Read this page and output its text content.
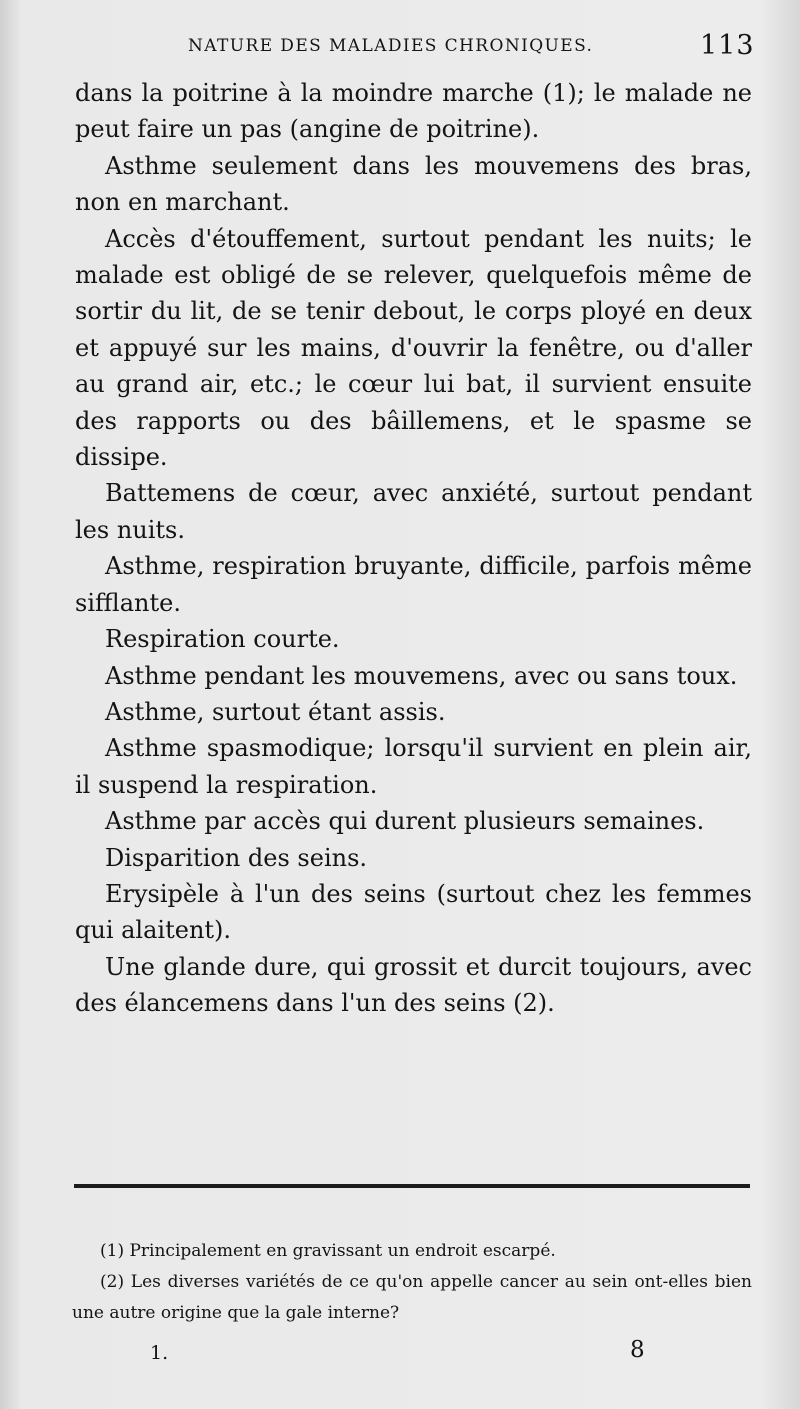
NATURE DES MALADIES CHRONIQUES.	113

dans la poitrine à la moindre marche (1); le malade ne peut faire un pas (angine de poitrine).

Asthme seulement dans les mouvemens des bras, non en marchant.

Accès d'étouffement, surtout pendant les nuits; le malade est obligé de se relever, quelquefois même de sortir du lit, de se tenir debout, le corps ployé en deux et appuyé sur les mains, d'ouvrir la fenêtre, ou d'aller au grand air, etc.; le cœur lui bat, il survient ensuite des rapports ou des bâillemens, et le spasme se dissipe.

Battemens de cœur, avec anxiété, surtout pendant les nuits.

Asthme, respiration bruyante, difficile, parfois même sifflante.

Respiration courte.

Asthme pendant les mouvemens, avec ou sans toux.

Asthme, surtout étant assis.

Asthme spasmodique; lorsqu'il survient en plein air, il suspend la respiration.

Asthme par accès qui durent plusieurs semaines.

Disparition des seins.

Erysipèle à l'un des seins (surtout chez les femmes qui alaitent).

Une glande dure, qui grossit et durcit toujours, avec des élancemens dans l'un des seins (2).

(1) Principalement en gravissant un endroit escarpé.

(2) Les diverses variétés de ce qu'on appelle cancer au sein ont-elles bien une autre origine que la gale interne?

1.	8
